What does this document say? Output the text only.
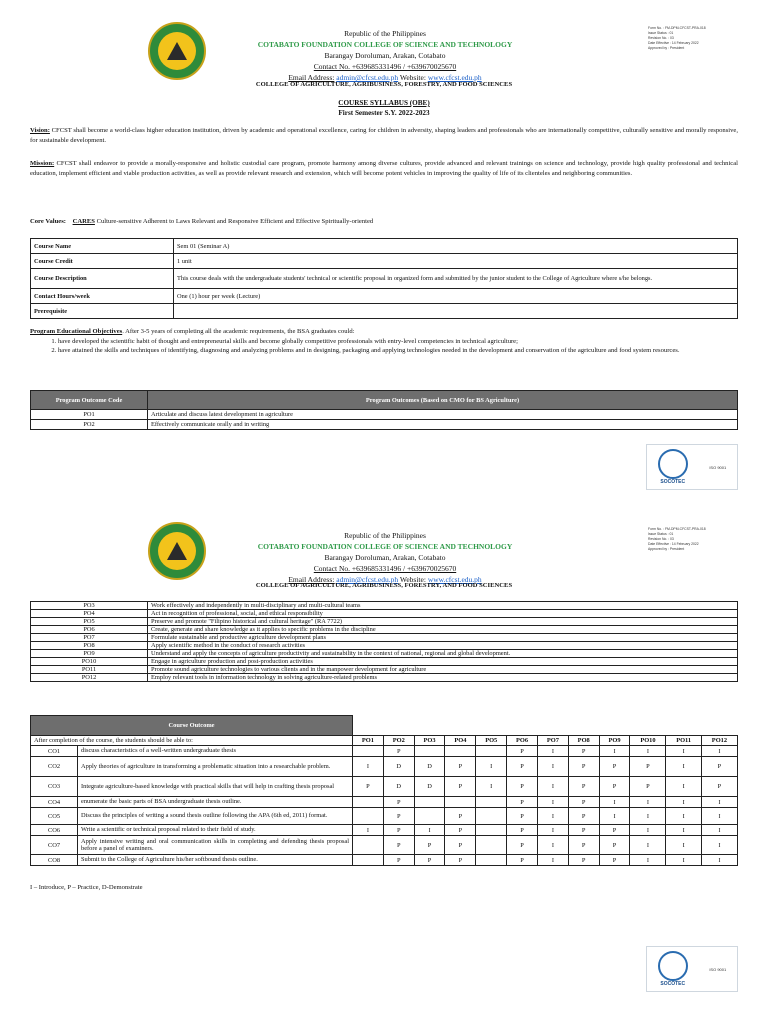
Republic of the Philippines
COTABATO FOUNDATION COLLEGE OF SCIENCE AND TECHNOLOGY
Barangay Doroluman, Arakan, Cotabato
Contact No. +639685331496 / +639670025670
Email Address: admin@cfcst.edu.ph Website: www.cfcst.edu.ph
Form No. : FM-DPM-CFCST-PRA-018
Issue Status : 01
Revision No. : 03
Date Effective : 14 February 2022
Approved by : President
COLLEGE OF AGRICULTURE, AGRIBUSINESS, FORESTRY, AND FOOD SCIENCES
COURSE SYLLABUS (OBE)
First Semester S.Y. 2022-2023
Vision: CFCST shall become a world-class higher education institution, driven by academic and operational excellence, caring for children in adversity, shaping leaders and professionals who are internationally competitive, culturally sensitive and morally responsive, for sustainable development.
Mission: CFCST shall endeavor to provide a morally-responsive and holistic custodial care program, promote harmony among diverse cultures, provide advanced and relevant trainings on science and technology, provide high quality professional and technical education, implement efficient and viable production activities, as well as provide relevant research and extension, which will become potent vehicles in improving the quality of life of its clienteles and neighboring communities.
Core Values: CARES Culture-sensitive Adherent to Laws Relevant and Responsive Efficient and Effective Spiritually-oriented
Course Name	Sem 01 (Seminar A)
Course Credit	1 unit
Course Description	This course deals with the undergraduate students' technical or scientific proposal in organized form and submitted by the junior student to the College of Agriculture where s/he belongs.
Contact Hours/week	One (1) hour per week (Lecture)
Prerequisite	
Program Educational Objectives. After 3-5 years of completing all the academic requirements, the BSA graduates could:
1. have developed the scientific habit of thought and entrepreneurial skills and become globally competitive professionals with entry-level competencies in technical agriculture;
2. have attained the skills and techniques of identifying, diagnosing and analyzing problems and in designing, packaging and applying technologies needed in the development and conservation of the agriculture and food system resources.
Program Outcome Code	Program Outcomes (Based on CMO for BS Agriculture)
PO1	Articulate and discuss latest development in agriculture
PO2	Effectively communicate orally and in writing
SOCOTEC
ISO 9001
Republic of the Philippines
COTABATO FOUNDATION COLLEGE OF SCIENCE AND TECHNOLOGY
Barangay Doroluman, Arakan, Cotabato
Contact No. +639685331496 / +639670025670
Email Address: admin@cfcst.edu.ph Website: www.cfcst.edu.ph
Form No. : FM-DPM-CFCST-PRA-018
Issue Status : 01
Revision No. : 03
Date Effective : 14 February 2022
Approved by : President
COLLEGE OF AGRICULTURE, AGRIBUSINESS, FORESTRY, AND FOOD SCIENCES
PO3	Work effectively and independently in multi-disciplinary and multi-cultural teams
PO4	Act in recognition of professional, social, and ethical responsibility
PO5	Preserve and promote "Filipino historical and cultural heritage" (RA 7722)
PO6	Create, generate and share knowledge as it applies to specific problems in the discipline
PO7	Formulate sustainable and productive agriculture development plans
PO8	Apply scientific method in the conduct of research activities
PO9	Understand and apply the concepts of agriculture productivity and sustainability in the context of national, regional and global development.
PO10	Engage in agriculture production and post-production activities
PO11	Promote sound agriculture technologies to various clients and in the manpower development for agriculture
PO12	Employ relevant tools in information technology in solving agriculture-related problems
Course Outcome													
After completion of the course, the students should be able to:		PO1	PO2	PO3	PO4	PO5	PO6	PO7	PO8	PO9	PO10	PO11	PO12
CO1	discuss characteristics of a well-written undergraduate thesis		P				P	I	P	I	I	I	I
CO2	Apply theories of agriculture in transforming a problematic situation into a researchable problem.	I	D	D	P	I	P	I	P	P	P	I	P
CO3	Integrate agriculture-based knowledge with practical skills that will help in crafting thesis proposal	P	D	D	P	I	P	I	P	P	P	I	P
CO4	enumerate the basic parts of BSA undergraduate thesis outline.		P				P	I	P	I	I	I	I
CO5	Discuss the principles of writing a sound thesis outline following the APA (6th ed, 2011) format.		P		P		P	I	P	I	I	I	I
CO6	Write a scientific or technical proposal related to their field of study.	I	P	I	P		P	I	P	P	I	I	I
CO7	Apply intensive writing and oral communication skills in completing and defending thesis proposal before a panel of examiners.		P	P	P		P	I	P	P	I	I	I
CO8	Submit to the College of Agriculture his/her softbound thesis outline.		P	P	P		P	I	P	P	I	I	I
I – Introduce, P – Practice, D-Demonstrate
SOCOTEC
ISO 9001
